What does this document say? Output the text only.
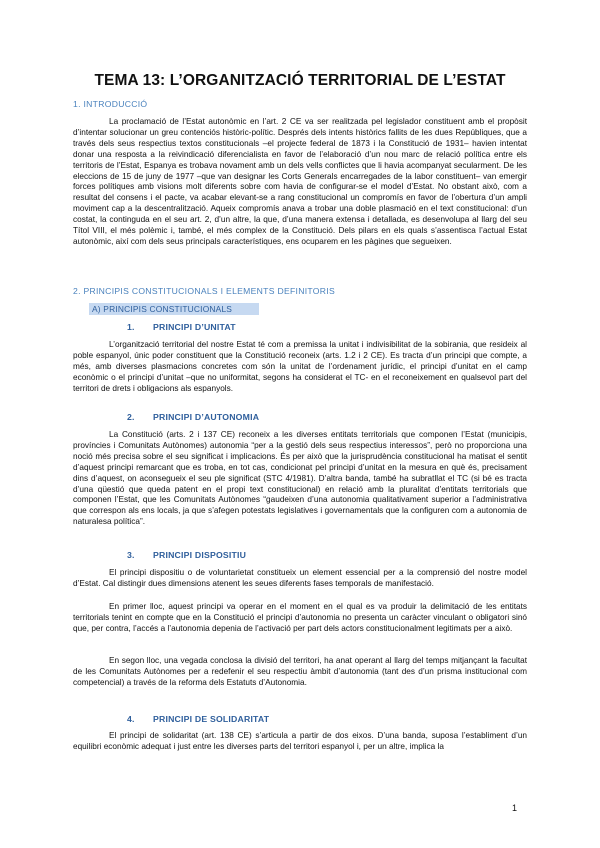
TEMA 13: L’ORGANITZACIÓ TERRITORIAL DE L’ESTAT
1. INTRODUCCIÓ
La proclamació de l’Estat autonòmic en l’art. 2 CE va ser realitzada pel legislador constituent amb el propòsit d’intentar solucionar un greu contenciós històric-polític. Després dels intents històrics fallits de les dues Repúbliques, que a través dels seus respectius textos constitucionals –el projecte federal de 1873 i la Constitució de 1931– havien intentat donar una resposta a la reivindicació diferencialista en favor de l’elaboració d’un nou marc de relació política entre els territoris de l’Estat, Espanya es trobava novament amb un dels vells conflictes que li havia acompanyat secularment. De les eleccions de 15 de juny de 1977 –que van designar les Corts Generals encarregades de la labor constituent– van emergir forces polítiques amb visions molt diferents sobre com havia de configurar-se el model d’Estat. No obstant això, com a resultat del consens i el pacte, va acabar elevant-se a rang constitucional un compromís en favor de l’obertura d’un ampli moviment cap a la descentralització. Aqueix compromís anava a trobar una doble plasmació en el text constitucional: d’un costat, la continguda en el seu art. 2, d’un altre, la que, d’una manera extensa i detallada, es desenvolupa al llarg del seu Títol VIII, el més polèmic i, també, el més complex de la Constitució. Dels pilars en els quals s’assentisca l’actual Estat autonòmic, així com dels seus principals característiques, ens ocuparem en les pàgines que segueixen.
2. PRINCIPIS CONSTITUCIONALS I ELEMENTS DEFINITORIS
A) PRINCIPIS CONSTITUCIONALS
1. PRINCIPI D’UNITAT
L’organització territorial del nostre Estat té com a premissa la unitat i indivisibilitat de la sobirania, que resideix al poble espanyol, únic poder constituent que la Constitució reconeix (arts. 1.2 i 2 CE). Es tracta d’un principi que compte, a més, amb diverses plasmacions concretes com són la unitat de l’ordenament jurídic, el principi d’unitat en el camp econòmic o el principi d’unitat –que no uniformitat, segons ha considerat el TC- en el reconeixement en qualsevol part del territori de drets i obligacions als espanyols.
2. PRINCIPI D’AUTONOMIA
La Constitució (arts. 2 i 137 CE) reconeix a les diverses entitats territorials que componen l’Estat (municipis, províncies i Comunitats Autònomes) autonomia “per a la gestió dels seus respectius interessos”, però no proporciona una noció més precisa sobre el seu significat i implicacions. És per això que la jurisprudència constitucional ha matisat el sentit d’aquest principi remarcant que es troba, en tot cas, condicionat pel principi d’unitat en la mesura en què és, precisament dins d’aquest, on aconsegueix el seu ple significat (STC 4/1981). D’altra banda, també ha subratllat el TC (si bé es tracta d’una qüestió que queda patent en el propi text constitucional) en relació amb la pluralitat d’entitats territorials que componen l’Estat, que les Comunitats Autònomes “gaudeixen d’una autonomia qualitativament superior a l’administrativa que correspon als ens locals, ja que s’afegen potestats legislatives i governamentals que la configuren com a autonomia de naturalesa política”.
3. PRINCIPI DISPOSITIU
El principi dispositiu o de voluntarietat constitueix un element essencial per a la comprensió del nostre model d’Estat. Cal distingir dues dimensions atenent les seues diferents fases temporals de manifestació.
En primer lloc, aquest principi va operar en el moment en el qual es va produir la delimitació de les entitats territorials tenint en compte que en la Constitució el principi d’autonomia no presenta un caràcter vinculant o obligatori sinó que, per contra, l’accés a l’autonomia depenia de l’activació per part dels actors constitucionalment legitimats per a això.
En segon lloc, una vegada conclosa la divisió del territori, ha anat operant al llarg del temps mitjançant la facultat de les Comunitats Autònomes per a redefenir el seu respectiu àmbit d’autonomia (tant des d’un prisma institucional com competencial) a través de la reforma dels Estatuts d’Autonomia.
4. PRINCIPI DE SOLIDARITAT
El principi de solidaritat (art. 138 CE) s’articula a partir de dos eixos. D’una banda, suposa l’establiment d’un equilibri econòmic adequat i just entre les diverses parts del territori espanyol i, per un altre, implica la
1
